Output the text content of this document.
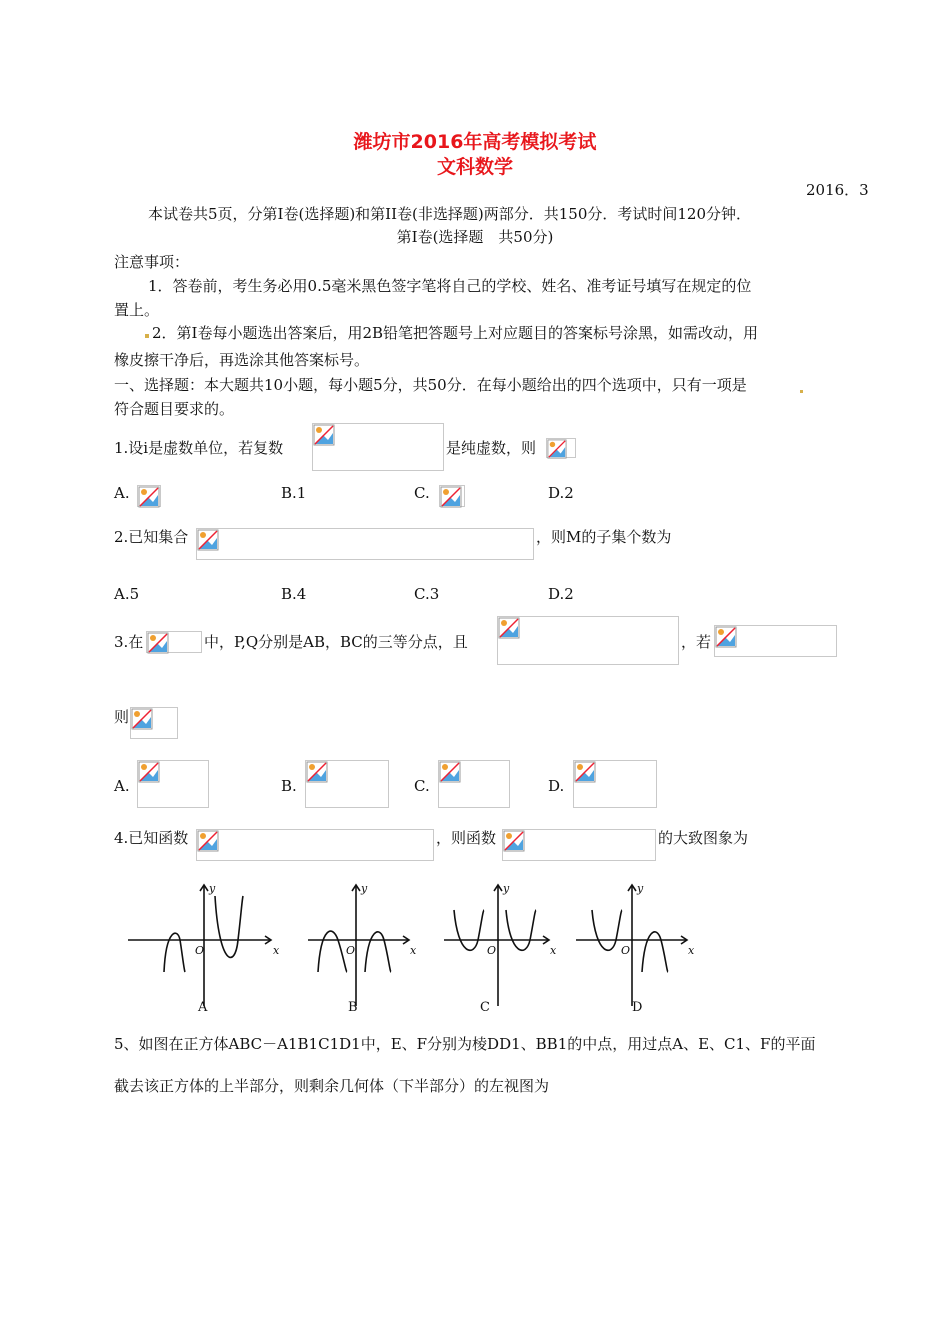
潍坊市2016年高考模拟考试
文科数学
2016．3
本试卷共5页，分第I卷(选择题)和第II卷(非选择题)两部分．共150分．考试时间120分钟．
第I卷(选择题　共50分)
注意事项：
1．答卷前，考生务必用0.5毫米黑色签字笔将自己的学校、姓名、准考证号填写在规定的位
置上。
2．第I卷每小题选出答案后，用2B铅笔把答题号上对应题目的答案标号涂黑，如需改动，用
橡皮擦干净后，再选涂其他答案标号。
一、选择题：本大题共10小题，每小题5分，共50分．在每小题给出的四个选项中，只有一项是
符合题目要求的。
1.设i是虚数单位，若复数	是纯虚数，则
A.	B.1	C.	D.2
2.已知集合	，则M的子集个数为
A.5	B.4	C.3	D.2
3.在	中，P,Q分别是AB，BC的三等分点，且	，若
则
A.	B.	C.	D.
4.已知函数	，则函数	的大致图象为
x
y
O	x
y
O	x
y
O	x
y
O
A	B	C	D
5、如图在正方体ABC－A1B1C1D1中，E、F分别为棱DD1、BB1的中点，用过点A、E、C1、F的平面
截去该正方体的上半部分，则剩余几何体（下半部分）的左视图为
